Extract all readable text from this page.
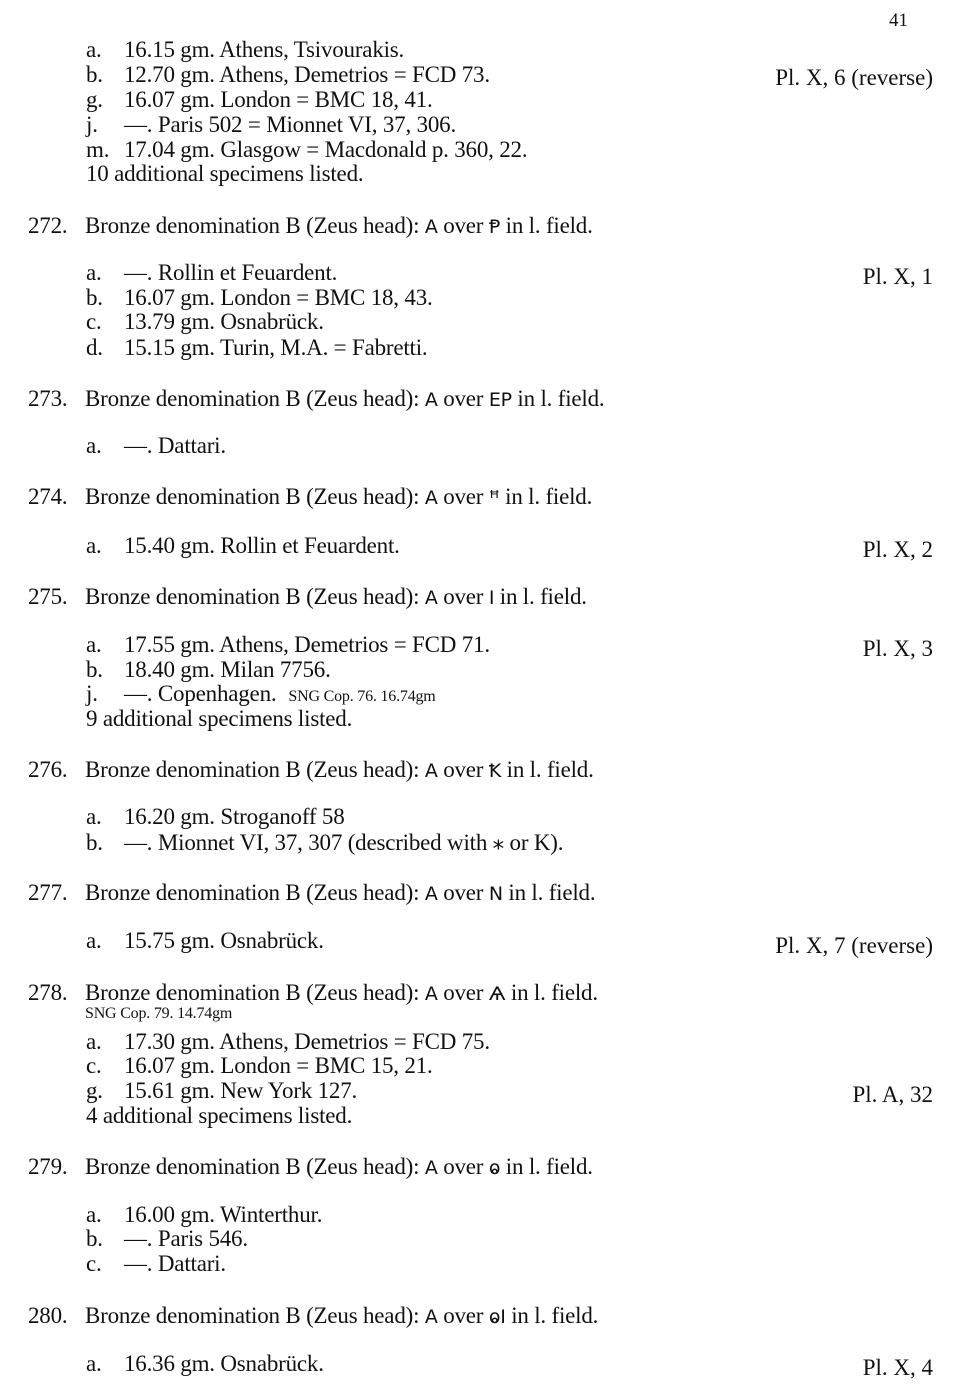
41
a. 16.15 gm. Athens, Tsivourakis.
b. 12.70 gm. Athens, Demetrios = FCD 73.	Pl. X, 6 (reverse)
g. 16.07 gm. London = BMC 18, 41.
j. —. Paris 502 = Mionnet VI, 37, 306.
m. 17.04 gm. Glasgow = Macdonald p. 360, 22.
10 additional specimens listed.
272. Bronze denomination B (Zeus head): A over Ᵽ in l. field.
a. —. Rollin et Feuardent.	Pl. X, 1
b. 16.07 gm. London = BMC 18, 43.
c. 13.79 gm. Osnabrück.
d. 15.15 gm. Turin, M.A. = Fabretti.
273. Bronze denomination B (Zeus head): A over EP in l. field.
a. —. Dattari.
274. Bronze denomination B (Zeus head): A over ꟸ in l. field.
a. 15.40 gm. Rollin et Feuardent.	Pl. X, 2
275. Bronze denomination B (Zeus head): A over I in l. field.
a. 17.55 gm. Athens, Demetrios = FCD 71.	Pl. X, 3
b. 18.40 gm. Milan 7756.
j. —. Copenhagen. SNG Cop. 76. 16.74gm
9 additional specimens listed.
276. Bronze denomination B (Zeus head): A over Ꝁ in l. field.
a. 16.20 gm. Stroganoff 58
b. —. Mionnet VI, 37, 307 (described with ⁎ or K).
277. Bronze denomination B (Zeus head): A over N in l. field.
a. 15.75 gm. Osnabrück.	Pl. X, 7 (reverse)
278. Bronze denomination B (Zeus head): A over Ѧ in l. field.
SNG Cop. 79. 14.74gm
a. 17.30 gm. Athens, Demetrios = FCD 75.
c. 16.07 gm. London = BMC 15, 21.
g. 15.61 gm. New York 127.	Pl. A, 32
4 additional specimens listed.
279. Bronze denomination B (Zeus head): A over ⱺ in l. field.
a. 16.00 gm. Winterthur.
b. —. Paris 546.
c. —. Dattari.
280. Bronze denomination B (Zeus head): A over ⱺI in l. field.
a. 16.36 gm. Osnabrück.	Pl. X, 4
